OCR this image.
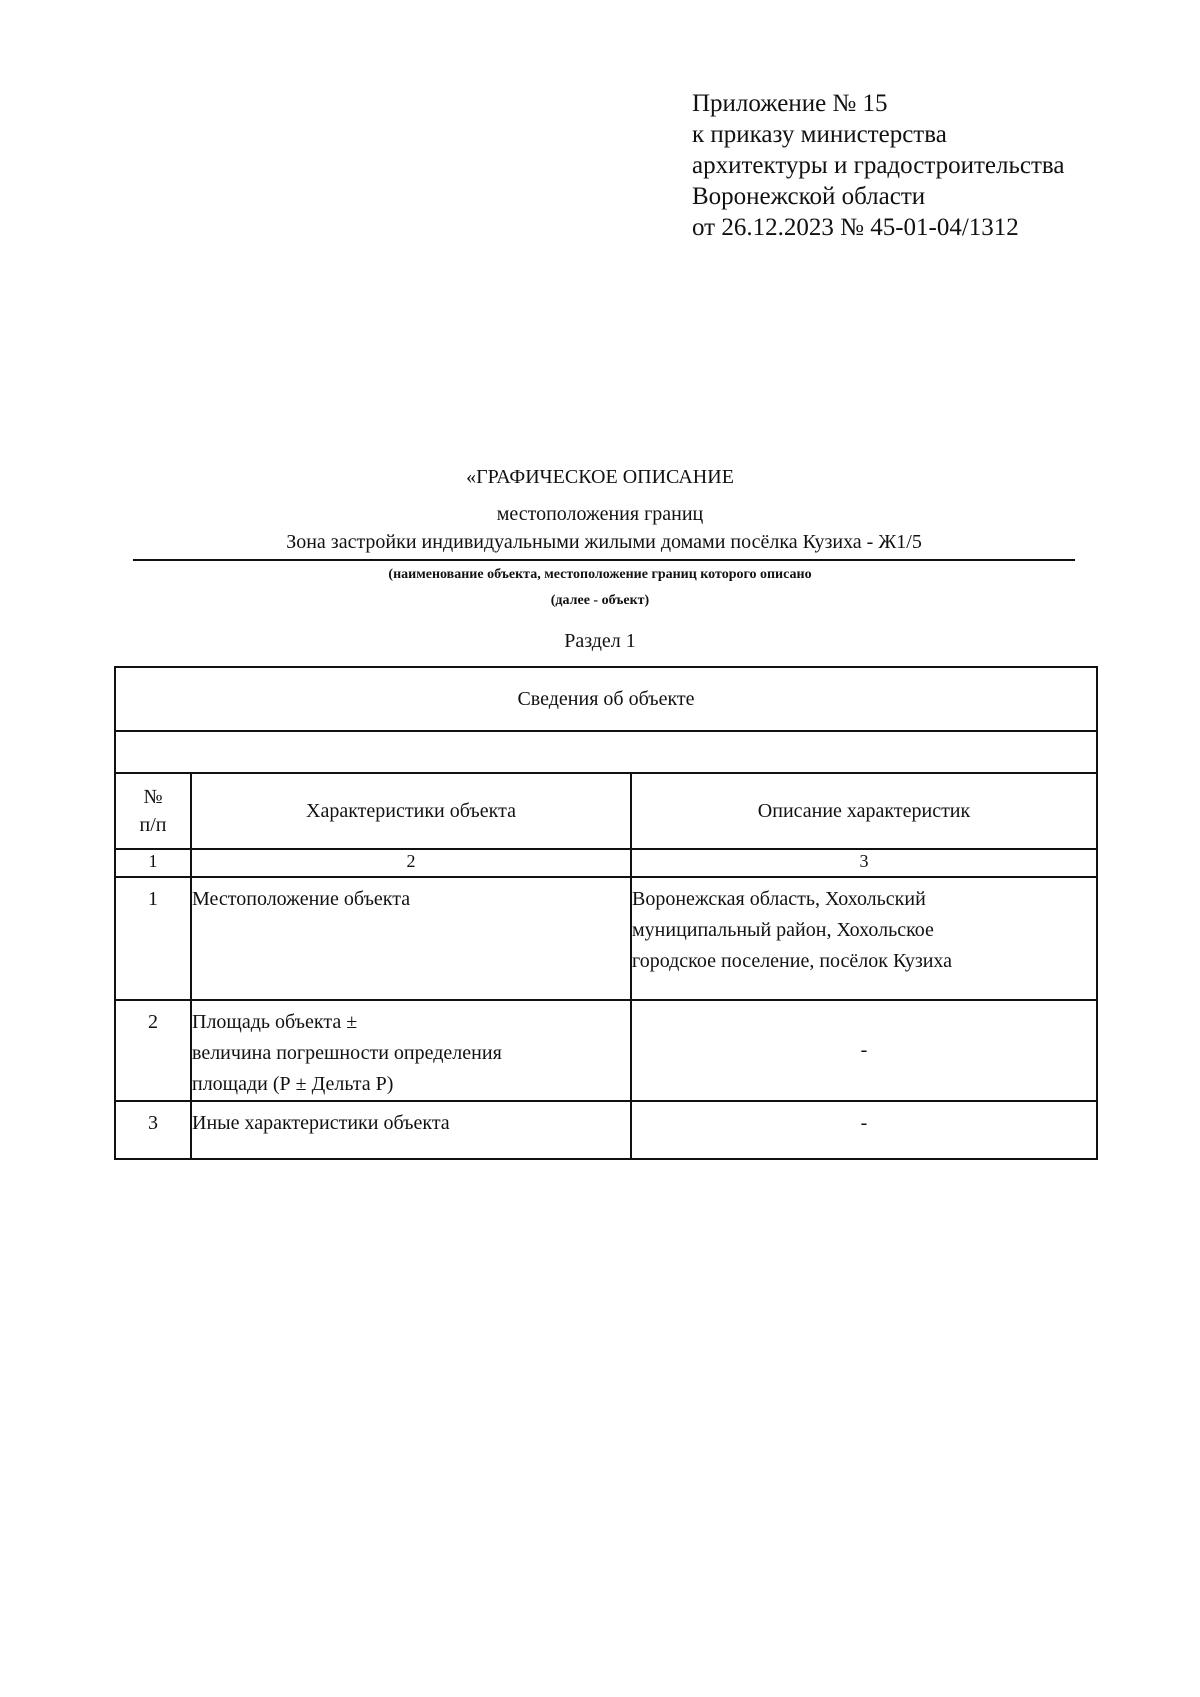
Приложение № 15
к приказу министерства
архитектуры и градостроительства
Воронежской области
от 26.12.2023 № 45-01-04/1312
«ГРАФИЧЕСКОЕ ОПИСАНИЕ
местоположения границ
Зона застройки индивидуальными жилыми домами посёлка Кузиха - Ж1/5
(наименование объекта, местоположение границ которого описано
(далее - объект)
Раздел 1
Сведения об объекте		

№
п/п	Характеристики объекта	Описание характеристик
1	2	3
1	Местоположение объекта	Воронежская область, Хохольский
муниципальный район, Хохольское
городское поселение, посёлок Кузиха

2	Площадь объекта ±
величина погрешности определения
площади (Р ± Дельта Р)	-
3	Иные характеристики объекта	-
